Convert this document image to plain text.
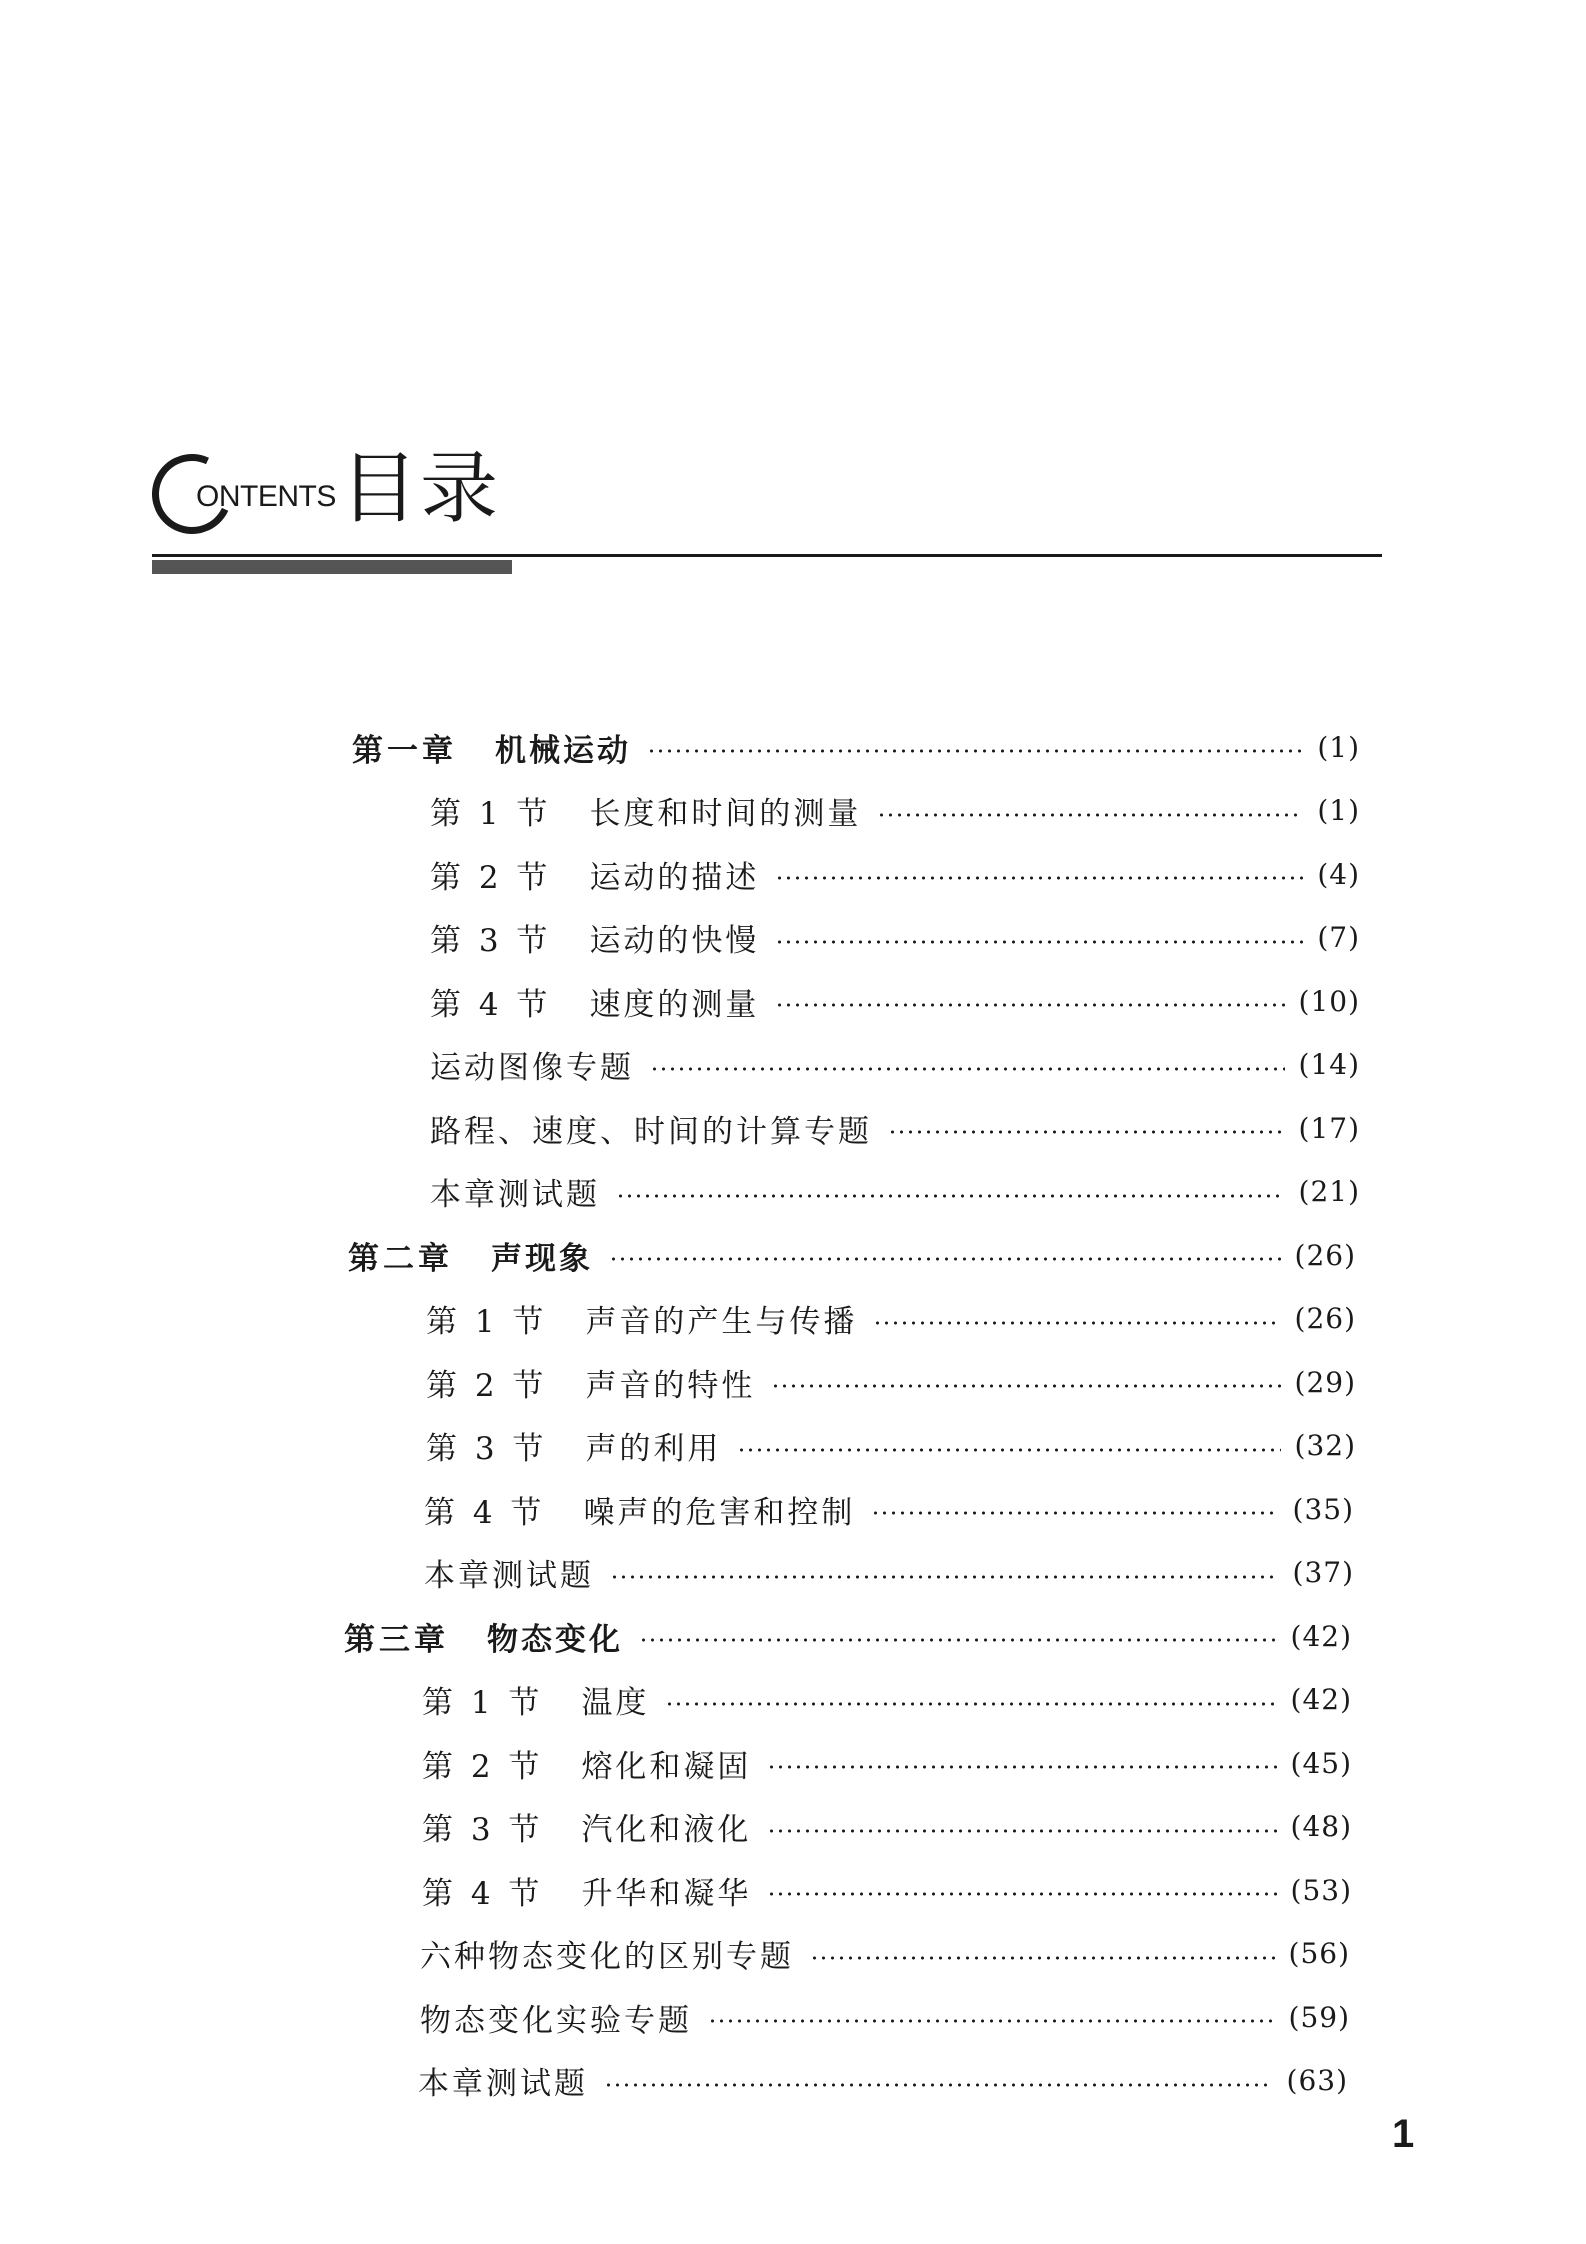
ONTENTS 目录
第一章 机械运动	(1)
第 1 节 长度和时间的测量	(1)
第 2 节 运动的描述	(4)
第 3 节 运动的快慢	(7)
第 4 节 速度的测量	(10)
运动图像专题	(14)
路程、速度、时间的计算专题	(17)
本章测试题	(21)
第二章 声现象	(26)
第 1 节 声音的产生与传播	(26)
第 2 节 声音的特性	(29)
第 3 节 声的利用	(32)
第 4 节 噪声的危害和控制	(35)
本章测试题	(37)
第三章 物态变化	(42)
第 1 节 温度	(42)
第 2 节 熔化和凝固	(45)
第 3 节 汽化和液化	(48)
第 4 节 升华和凝华	(53)
六种物态变化的区别专题	(56)
物态变化实验专题	(59)
本章测试题	(63)
1
